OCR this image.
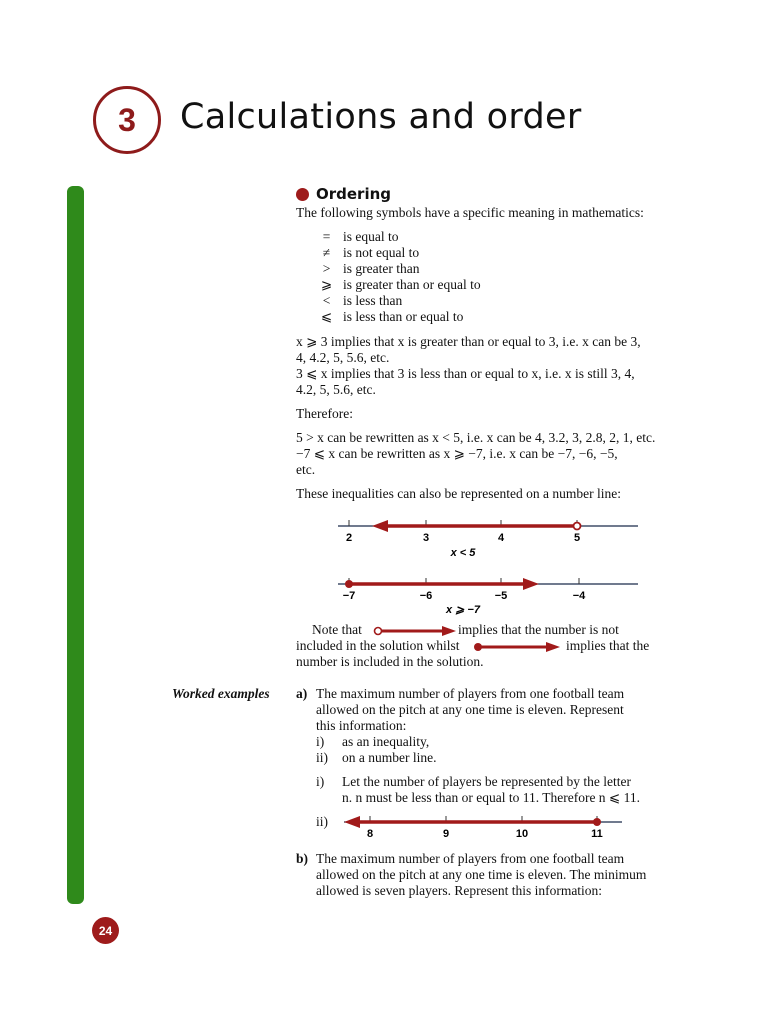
3 Calculations and order
24
Ordering
The following symbols have a specific meaning in mathematics:
= is equal to
≠ is not equal to
> is greater than
⩾ is greater than or equal to
< is less than
⩽ is less than or equal to
x ⩾ 3 implies that x is greater than or equal to 3, i.e. x can be 3,
4, 4.2, 5, 5.6, etc.
3 ⩽ x implies that 3 is less than or equal to x, i.e. x is still 3, 4,
4.2, 5, 5.6, etc.
Therefore:
5 > x can be rewritten as x < 5, i.e. x can be 4, 3.2, 3, 2.8, 2, 1, etc.
−7 ⩽ x can be rewritten as x ⩾ −7, i.e. x can be −7, −6, −5,
etc.
These inequalities can also be represented on a number line:
2	3	4	5
x < 5
−7	−6	−5	−4
x ⩾ −7
Note that	implies that the number is not
included in the solution whilst	implies that the
number is included in the solution.
Worked examples a) The maximum number of players from one football team
allowed on the pitch at any one time is eleven. Represent
this information:
i) as an inequality,
ii) on a number line.
i) Let the number of players be represented by the letter
n. n must be less than or equal to 11. Therefore n ⩽ 11.
ii)
8	9	10	11
b) The maximum number of players from one football team
allowed on the pitch at any one time is eleven. The minimum
allowed is seven players. Represent this information:
